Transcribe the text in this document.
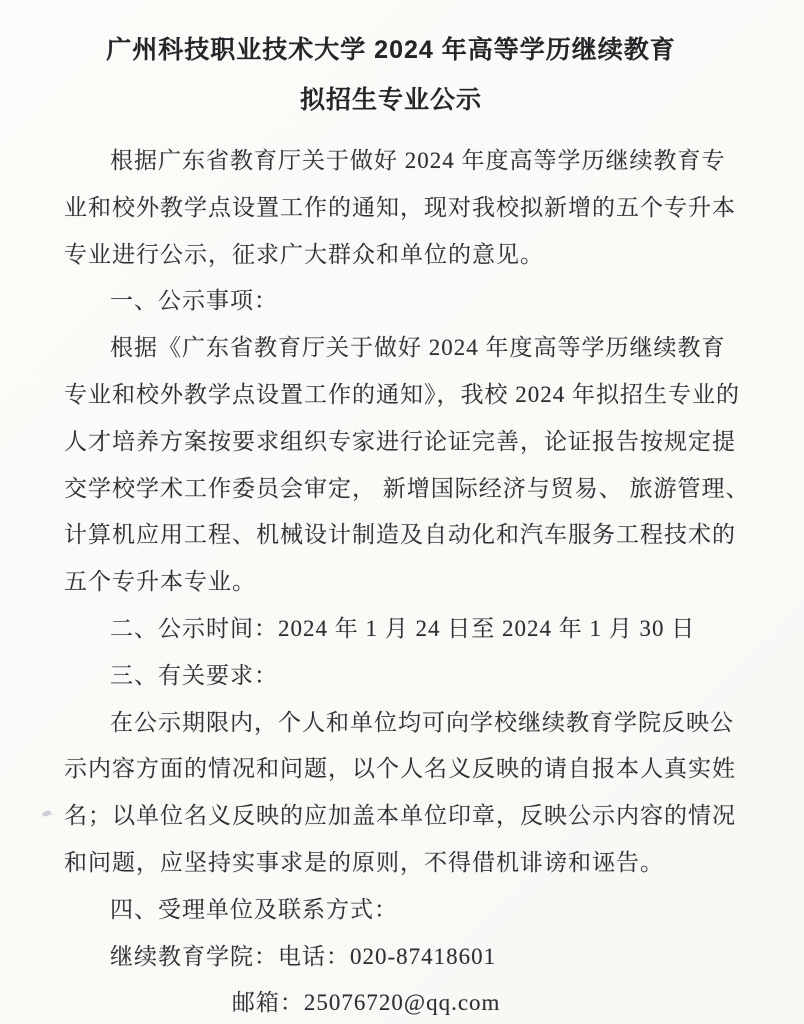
广州科技职业技术大学 2024 年高等学历继续教育
拟招生专业公示
根据广东省教育厅关于做好 2024 年度高等学历继续教育专
业和校外教学点设置工作的通知，现对我校拟新增的五个专升本
专业进行公示，征求广大群众和单位的意见。
一、公示事项：
根据《广东省教育厅关于做好 2024 年度高等学历继续教育
专业和校外教学点设置工作的通知》，我校 2024 年拟招生专业的
人才培养方案按要求组织专家进行论证完善，论证报告按规定提
交学校学术工作委员会审定， 新增国际经济与贸易、 旅游管理、
计算机应用工程、机械设计制造及自动化和汽车服务工程技术的
五个专升本专业。
二、公示时间：2024 年 1 月 24 日至 2024 年 1 月 30 日
三、有关要求：
在公示期限内，个人和单位均可向学校继续教育学院反映公
示内容方面的情况和问题，以个人名义反映的请自报本人真实姓
名；以单位名义反映的应加盖本单位印章，反映公示内容的情况
和问题，应坚持实事求是的原则，不得借机诽谤和诬告。
四、受理单位及联系方式：
继续教育学院：电话：020-87418601
邮箱：25076720@qq.com
